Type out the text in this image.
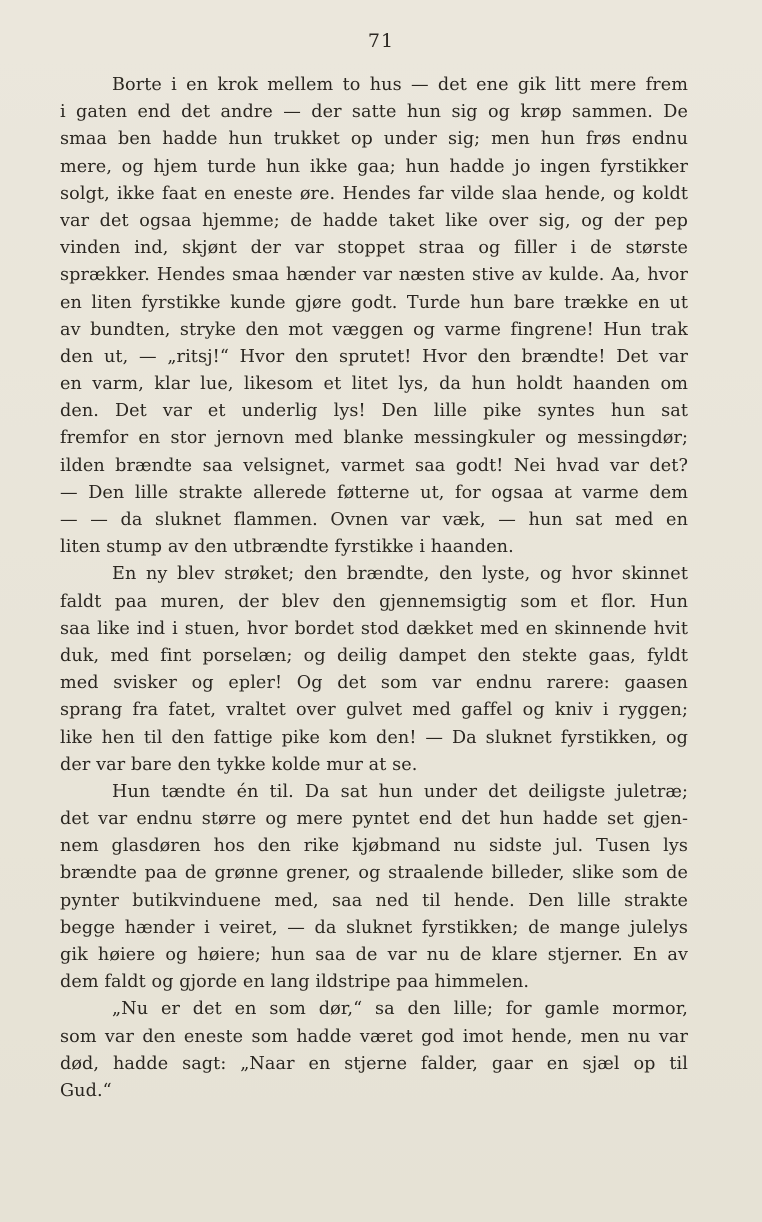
71
Borte i en krok mellem to hus — det ene gik litt mere frem
i gaten end det andre — der satte hun sig og krøp sammen. De
smaa ben hadde hun trukket op under sig; men hun frøs endnu
mere, og hjem turde hun ikke gaa; hun hadde jo ingen fyrstikker
solgt, ikke faat en eneste øre. Hendes far vilde slaa hende, og koldt
var det ogsaa hjemme; de hadde taket like over sig, og der pep
vinden ind, skjønt der var stoppet straa og filler i de største
sprækker. Hendes smaa hænder var næsten stive av kulde. Aa, hvor
en liten fyrstikke kunde gjøre godt. Turde hun bare trække en ut
av bundten, stryke den mot væggen og varme fingrene! Hun trak
den ut, — „ritsj!“ Hvor den sprutet! Hvor den brændte! Det var
en varm, klar lue, likesom et litet lys, da hun holdt haanden om
den. Det var et underlig lys! Den lille pike syntes hun sat
fremfor en stor jernovn med blanke messingkuler og messingdør;
ilden brændte saa velsignet, varmet saa godt! Nei hvad var det?
— Den lille strakte allerede føtterne ut, for ogsaa at varme dem
— — da sluknet flammen. Ovnen var væk, — hun sat med en
liten stump av den utbrændte fyrstikke i haanden.
En ny blev strøket; den brændte, den lyste, og hvor skinnet
faldt paa muren, der blev den gjennemsigtig som et flor. Hun
saa like ind i stuen, hvor bordet stod dækket med en skinnende hvit
duk, med fint porselæn; og deilig dampet den stekte gaas, fyldt
med svisker og epler! Og det som var endnu rarere: gaasen
sprang fra fatet, vraltet over gulvet med gaffel og kniv i ryggen;
like hen til den fattige pike kom den! — Da sluknet fyrstikken, og
der var bare den tykke kolde mur at se.
Hun tændte én til. Da sat hun under det deiligste juletræ;
det var endnu større og mere pyntet end det hun hadde set gjen-
nem glasdøren hos den rike kjøbmand nu sidste jul. Tusen lys
brændte paa de grønne grener, og straalende billeder, slike som de
pynter butikvinduene med, saa ned til hende. Den lille strakte
begge hænder i veiret, — da sluknet fyrstikken; de mange julelys
gik høiere og høiere; hun saa de var nu de klare stjerner. En av
dem faldt og gjorde en lang ildstripe paa himmelen.
„Nu er det en som dør,“ sa den lille; for gamle mormor,
som var den eneste som hadde været god imot hende, men nu var
død, hadde sagt: „Naar en stjerne falder, gaar en sjæl op til
Gud.“
